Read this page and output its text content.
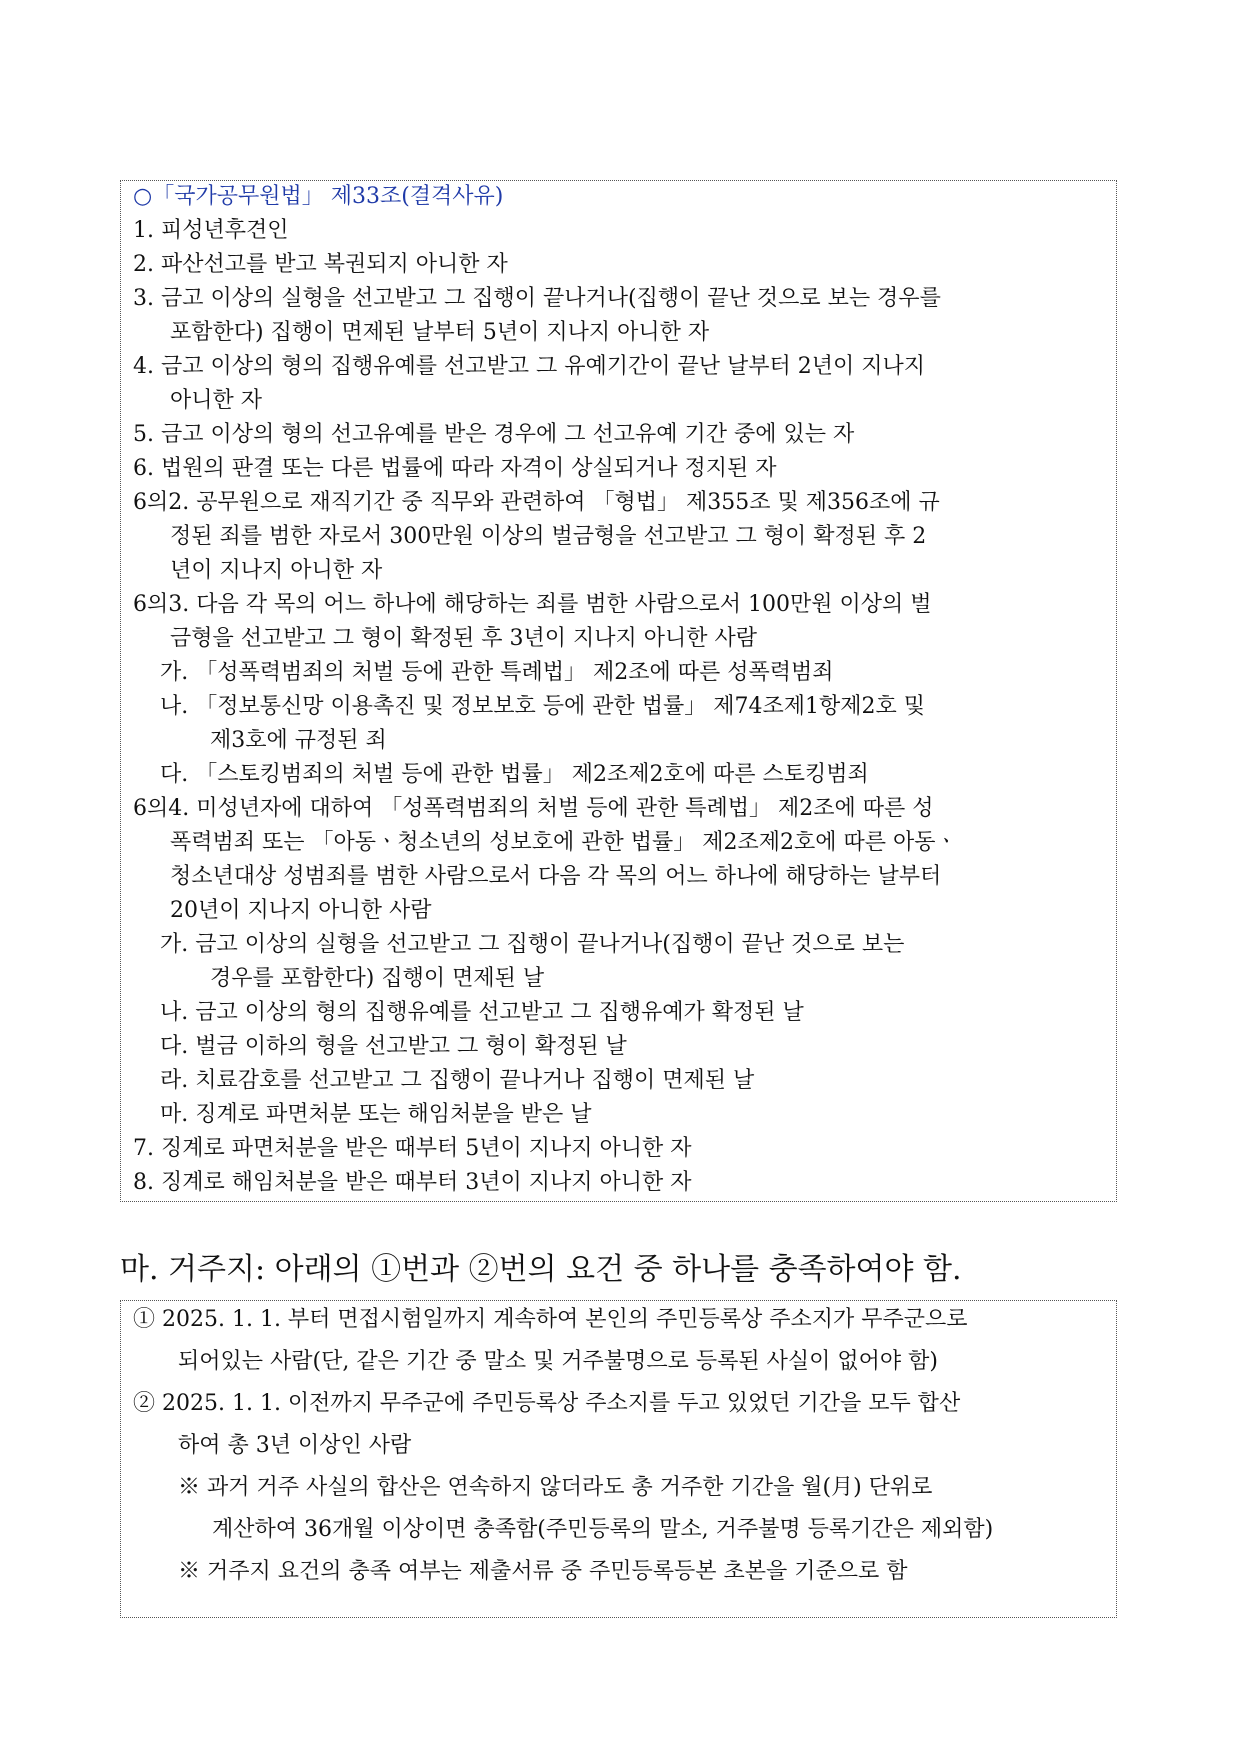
○「국가공무원법」 제33조(결격사유)
1. 피성년후견인
2. 파산선고를 받고 복권되지 아니한 자
3. 금고 이상의 실형을 선고받고 그 집행이 끝나거나(집행이 끝난 것으로 보는 경우를
포함한다) 집행이 면제된 날부터 5년이 지나지 아니한 자
4. 금고 이상의 형의 집행유예를 선고받고 그 유예기간이 끝난 날부터 2년이 지나지
아니한 자
5. 금고 이상의 형의 선고유예를 받은 경우에 그 선고유예 기간 중에 있는 자
6. 법원의 판결 또는 다른 법률에 따라 자격이 상실되거나 정지된 자
6의2. 공무원으로 재직기간 중 직무와 관련하여 「형법」 제355조 및 제356조에 규
정된 죄를 범한 자로서 300만원 이상의 벌금형을 선고받고 그 형이 확정된 후 2
년이 지나지 아니한 자
6의3. 다음 각 목의 어느 하나에 해당하는 죄를 범한 사람으로서 100만원 이상의 벌
금형을 선고받고 그 형이 확정된 후 3년이 지나지 아니한 사람
가. 「성폭력범죄의 처벌 등에 관한 특례법」 제2조에 따른 성폭력범죄
나. 「정보통신망 이용촉진 및 정보보호 등에 관한 법률」 제74조제1항제2호 및
제3호에 규정된 죄
다. 「스토킹범죄의 처벌 등에 관한 법률」 제2조제2호에 따른 스토킹범죄
6의4. 미성년자에 대하여 「성폭력범죄의 처벌 등에 관한 특례법」 제2조에 따른 성
폭력범죄 또는 「아동ㆍ청소년의 성보호에 관한 법률」 제2조제2호에 따른 아동ㆍ
청소년대상 성범죄를 범한 사람으로서 다음 각 목의 어느 하나에 해당하는 날부터
20년이 지나지 아니한 사람
가. 금고 이상의 실형을 선고받고 그 집행이 끝나거나(집행이 끝난 것으로 보는
경우를 포함한다) 집행이 면제된 날
나. 금고 이상의 형의 집행유예를 선고받고 그 집행유예가 확정된 날
다. 벌금 이하의 형을 선고받고 그 형이 확정된 날
라. 치료감호를 선고받고 그 집행이 끝나거나 집행이 면제된 날
마. 징계로 파면처분 또는 해임처분을 받은 날
7. 징계로 파면처분을 받은 때부터 5년이 지나지 아니한 자
8. 징계로 해임처분을 받은 때부터 3년이 지나지 아니한 자
마. 거주지: 아래의 ①번과 ②번의 요건 중 하나를 충족하여야 함.
① 2025. 1. 1. 부터 면접시험일까지 계속하여 본인의 주민등록상 주소지가 무주군으로
되어있는 사람(단, 같은 기간 중 말소 및 거주불명으로 등록된 사실이 없어야 함)
② 2025. 1. 1. 이전까지 무주군에 주민등록상 주소지를 두고 있었던 기간을 모두 합산
하여 총 3년 이상인 사람
※ 과거 거주 사실의 합산은 연속하지 않더라도 총 거주한 기간을 월(月) 단위로
계산하여 36개월 이상이면 충족함(주민등록의 말소, 거주불명 등록기간은 제외함)
※ 거주지 요건의 충족 여부는 제출서류 중 주민등록등본 초본을 기준으로 함
